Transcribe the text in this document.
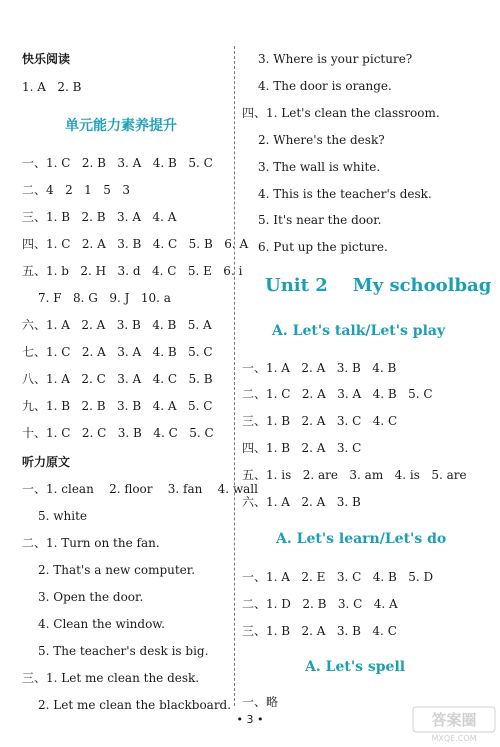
快乐阅读
1. A   2. B
单元能力素养提升
一、1. C   2. B   3. A   4. B   5. C
二、4   2   1   5   3
三、1. B   2. B   3. A   4. A
四、1. C   2. A   3. B   4. C   5. B   6. A
五、1. b   2. H   3. d   4. C   5. E   6. i
7. F   8. G   9. J   10. a
六、1. A   2. A   3. B   4. B   5. A
七、1. C   2. A   3. A   4. B   5. C
八、1. A   2. C   3. A   4. C   5. B
九、1. B   2. B   3. B   4. A   5. C
十、1. C   2. C   3. B   4. C   5. C
听力原文
一、1. clean    2. floor    3. fan    4. wall
5. white
二、1. Turn on the fan.
2. That's a new computer.
3. Open the door.
4. Clean the window.
5. The teacher's desk is big.
三、1. Let me clean the desk.
2. Let me clean the blackboard.
3. Where is your picture?
4. The door is orange.
四、1. Let's clean the classroom.
2. Where's the desk?
3. The wall is white.
4. This is the teacher's desk.
5. It's near the door.
6. Put up the picture.
Unit 2    My schoolbag
A. Let's talk/Let's play
一、1. A   2. A   3. B   4. B
二、1. C   2. A   3. A   4. B   5. C
三、1. B   2. A   3. C   4. C
四、1. B   2. A   3. C
五、1. is   2. are   3. am   4. is   5. are
六、1. A   2. A   3. B
A. Let's learn/Let's do
一、1. A   2. E   3. C   4. B   5. D
二、1. D   2. B   3. C   4. A
三、1. B   2. A   3. B   4. C
A. Let's spell
一、略
• 3 •	答案圈
MXQE.COM
